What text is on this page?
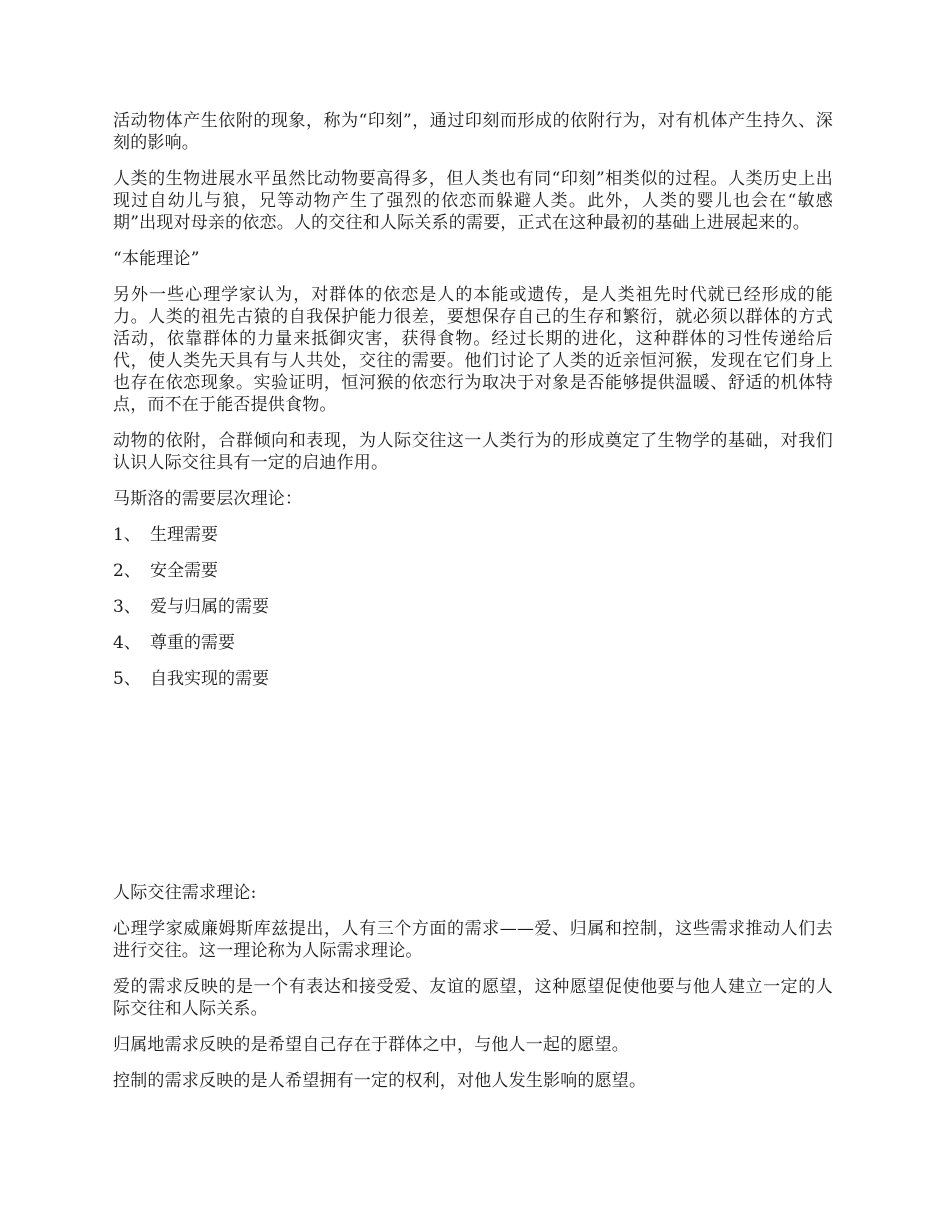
活动物体产生依附的现象，称为“印刻”，通过印刻而形成的依附行为，对有机体产生持久、深刻的影响。

人类的生物进展水平虽然比动物要高得多，但人类也有同“印刻”相类似的过程。人类历史上出现过自幼儿与狼，兄等动物产生了强烈的依恋而躲避人类。此外，人类的婴儿也会在“敏感期”出现对母亲的依恋。人的交往和人际关系的需要，正式在这种最初的基础上进展起来的。

“本能理论”

另外一些心理学家认为，对群体的依恋是人的本能或遗传，是人类祖先时代就已经形成的能力。人类的祖先古猿的自我保护能力很差，要想保存自己的生存和繁衍，就必须以群体的方式活动，依靠群体的力量来抵御灾害，获得食物。经过长期的进化，这种群体的习性传递给后代，使人类先天具有与人共处，交往的需要。他们讨论了人类的近亲恒河猴，发现在它们身上也存在依恋现象。实验证明，恒河猴的依恋行为取决于对象是否能够提供温暖、舒适的机体特点，而不在于能否提供食物。

动物的依附，合群倾向和表现，为人际交往这一人类行为的形成奠定了生物学的基础，对我们认识人际交往具有一定的启迪作用。

马斯洛的需要层次理论：

1、 生理需要
2、 安全需要
3、 爱与归属的需要
4、 尊重的需要
5、 自我实现的需要

人际交往需求理论:

心理学家威廉姆斯库兹提出，人有三个方面的需求——爱、归属和控制，这些需求推动人们去进行交往。这一理论称为人际需求理论。

爱的需求反映的是一个有表达和接受爱、友谊的愿望，这种愿望促使他要与他人建立一定的人际交往和人际关系。

归属地需求反映的是希望自己存在于群体之中，与他人一起的愿望。

控制的需求反映的是人希望拥有一定的权利，对他人发生影响的愿望。
